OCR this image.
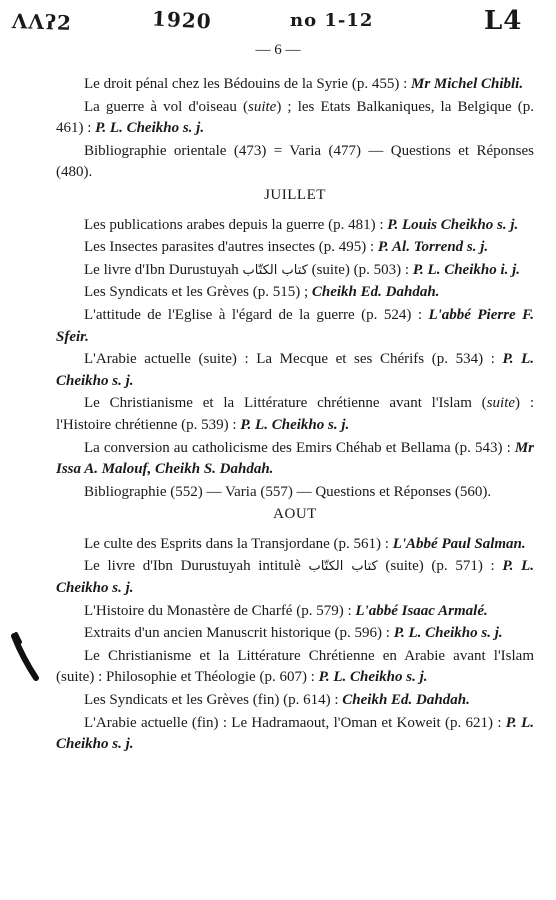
ɅɅʔ2	1920	no 1-12	L4
— 6 —

Le droit pénal chez les Bédouins de la Syrie (p. 455) : Mr Michel Chibli.

La guerre à vol d'oiseau (suite) ; les Etats Balkaniques, la Belgique (p. 461) : P. L. Cheikho s. j.

Bibliographie orientale (473) = Varia (477) — Questions et Réponses (480).

JUILLET

Les publications arabes depuis la guerre (p. 481) : P. Louis Cheikho s. j.

Les Insectes parasites d'autres insectes (p. 495) : P. Al. Torrend s. j.

Le livre d'Ibn Durustuyah كتاب الكتّاب (suite) (p. 503) : P. L. Cheikho i. j.

Les Syndicats et les Grèves (p. 515) ; Cheikh Ed. Dahdah.

L'attitude de l'Eglise à l'égard de la guerre (p. 524) : L'abbé Pierre F. Sfeir.

L'Arabie actuelle (suite) : La Mecque et ses Chérifs (p. 534) : P. L. Cheikho s. j.

Le Christianisme et la Littérature chrétienne avant l'Islam (suite) : l'Histoire chrétienne (p. 539) : P. L. Cheikho s. j.

La conversion au catholicisme des Emirs Chéhab et Bellama (p. 543) : Mr Issa A. Malouf, Cheikh S. Dahdah.

Bibliographie (552) — Varia (557) — Questions et Réponses (560).

AOUT

Le culte des Esprits dans la Transjordane (p. 561) : L'Abbé Paul Salman.

Le livre d'Ibn Durustuyah intitulè كتاب الكتّاب (suite) (p. 571) : P. L. Cheikho s. j.

L'Histoire du Monastère de Charfé (p. 579) : L'abbé Isaac Armalé.

Extraits d'un ancien Manuscrit historique (p. 596) : P. L. Cheikho s. j.

Le Christianisme et la Littérature Chrétienne en Arabie avant l'Islam (suite) : Philosophie et Théologie (p. 607) : P. L. Cheikho s. j.

Les Syndicats et les Grèves (fin) (p. 614) : Cheikh Ed. Dahdah.

L'Arabie actuelle (fin) : Le Hadramaout, l'Oman et Koweit (p. 621) : P. L. Cheikho s. j.
